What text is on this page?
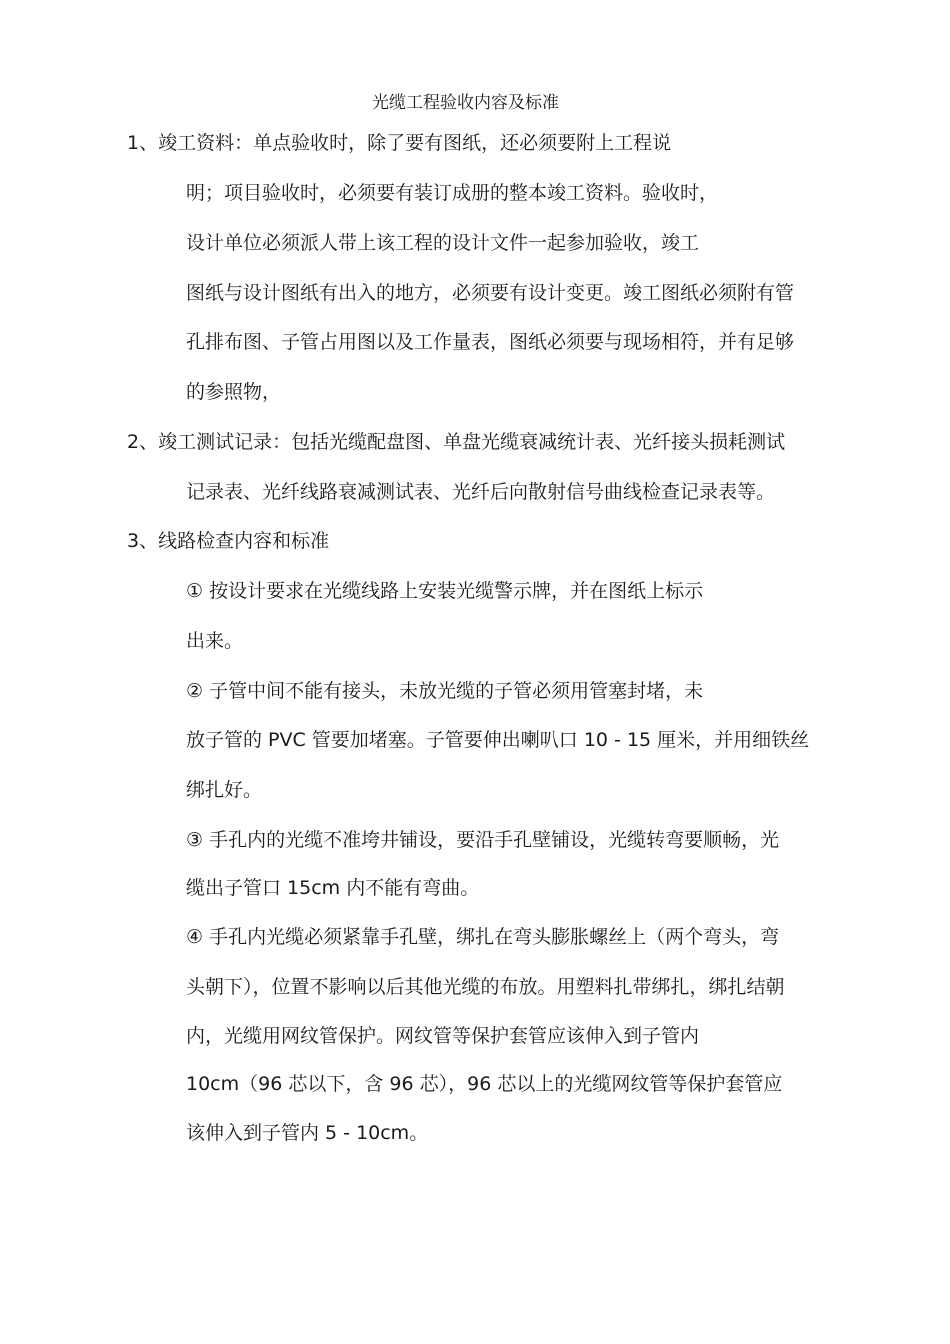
光缆工程验收内容及标准
1、竣工资料：单点验收时，除了要有图纸，还必须要附上工程说
明；项目验收时，必须要有装订成册的整本竣工资料。验收时，
设计单位必须派人带上该工程的设计文件一起参加验收，竣工
图纸与设计图纸有出入的地方，必须要有设计变更。竣工图纸必须附有管
孔排布图、子管占用图以及工作量表，图纸必须要与现场相符，并有足够
的参照物，
2、竣工测试记录：包括光缆配盘图、单盘光缆衰减统计表、光纤接头损耗测试
记录表、光纤线路衰减测试表、光纤后向散射信号曲线检查记录表等。
3、线路检查内容和标准
① 按设计要求在光缆线路上安装光缆警示牌，并在图纸上标示
出来。
② 子管中间不能有接头，未放光缆的子管必须用管塞封堵，未
放子管的 PVC 管要加堵塞。子管要伸出喇叭口 10 - 15 厘米，并用细铁丝
绑扎好。
③ 手孔内的光缆不准垮井铺设，要沿手孔壁铺设，光缆转弯要顺畅，光
缆出子管口 15cm 内不能有弯曲。
④ 手孔内光缆必须紧靠手孔壁，绑扎在弯头膨胀螺丝上（两个弯头，弯
头朝下），位置不影响以后其他光缆的布放。用塑料扎带绑扎，绑扎结朝
内，光缆用网纹管保护。网纹管等保护套管应该伸入到子管内
10cm（96 芯以下，含 96 芯），96 芯以上的光缆网纹管等保护套管应
该伸入到子管内 5 - 10cm。
